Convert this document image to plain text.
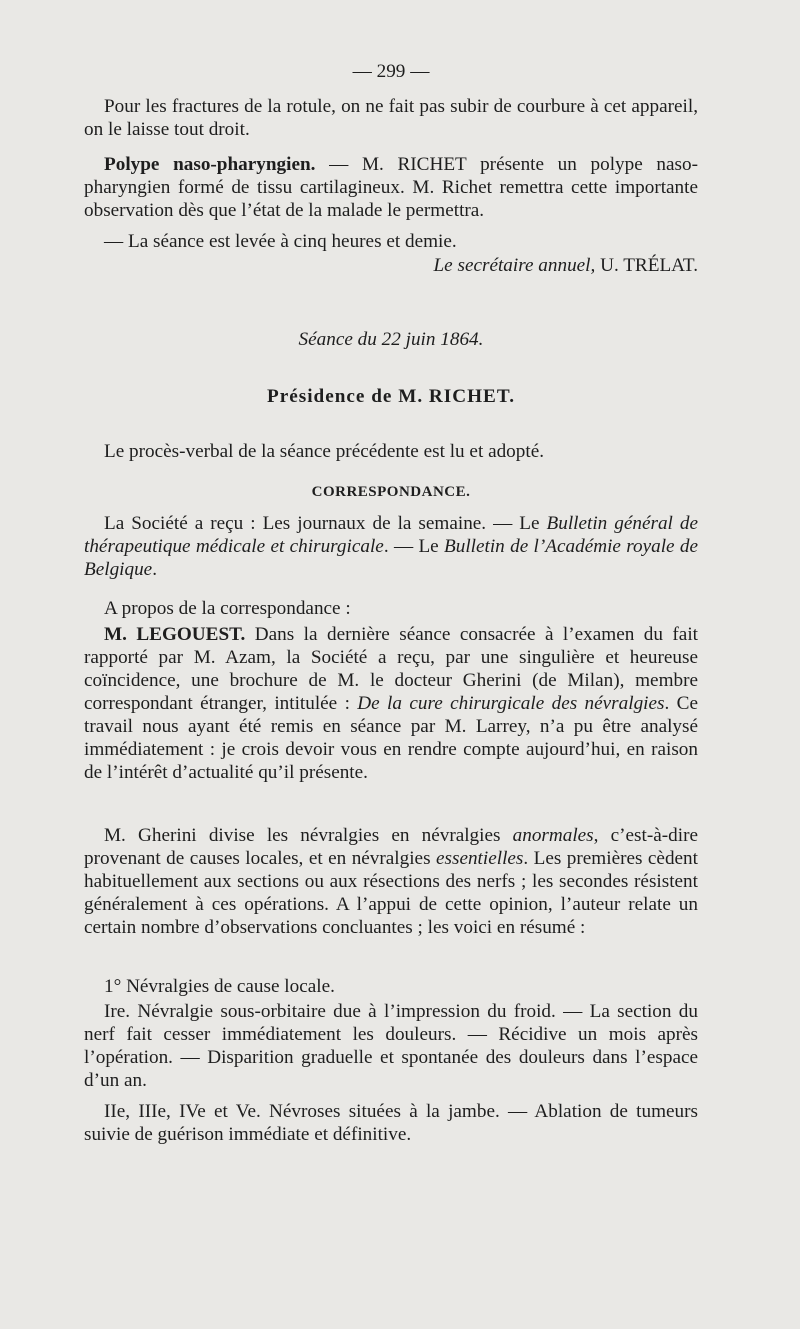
— 299 —

Pour les fractures de la rotule, on ne fait pas subir de courbure à cet appareil, on le laisse tout droit.

Polype naso-pharyngien. — M. RICHET présente un polype naso-pharyngien formé de tissu cartilagineux. M. Richet remettra cette importante observation dès que l’état de la malade le permettra.

— La séance est levée à cinq heures et demie.

Le secrétaire annuel, U. TRÉLAT.

Séance du 22 juin 1864.

Présidence de M. RICHET.

Le procès-verbal de la séance précédente est lu et adopté.

CORRESPONDANCE.

La Société a reçu : Les journaux de la semaine. — Le Bulletin général de thérapeutique médicale et chirurgicale. — Le Bulletin de l’Académie royale de Belgique.

A propos de la correspondance :

M. LEGOUEST. Dans la dernière séance consacrée à l’examen du fait rapporté par M. Azam, la Société a reçu, par une singulière et heureuse coïncidence, une brochure de M. le docteur Gherini (de Milan), membre correspondant étranger, intitulée : De la cure chirurgicale des névralgies. Ce travail nous ayant été remis en séance par M. Larrey, n’a pu être analysé immédiatement : je crois devoir vous en rendre compte aujourd’hui, en raison de l’intérêt d’actualité qu’il présente.

M. Gherini divise les névralgies en névralgies anormales, c’est-à-dire provenant de causes locales, et en névralgies essentielles. Les premières cèdent habituellement aux sections ou aux résections des nerfs ; les secondes résistent généralement à ces opérations. A l’appui de cette opinion, l’auteur relate un certain nombre d’observations concluantes ; les voici en résumé :

1° Névralgies de cause locale.

Ire. Névralgie sous-orbitaire due à l’impression du froid. — La section du nerf fait cesser immédiatement les douleurs. — Récidive un mois après l’opération. — Disparition graduelle et spontanée des douleurs dans l’espace d’un an.

IIe, IIIe, IVe et Ve. Névroses situées à la jambe. — Ablation de tumeurs suivie de guérison immédiate et définitive.
